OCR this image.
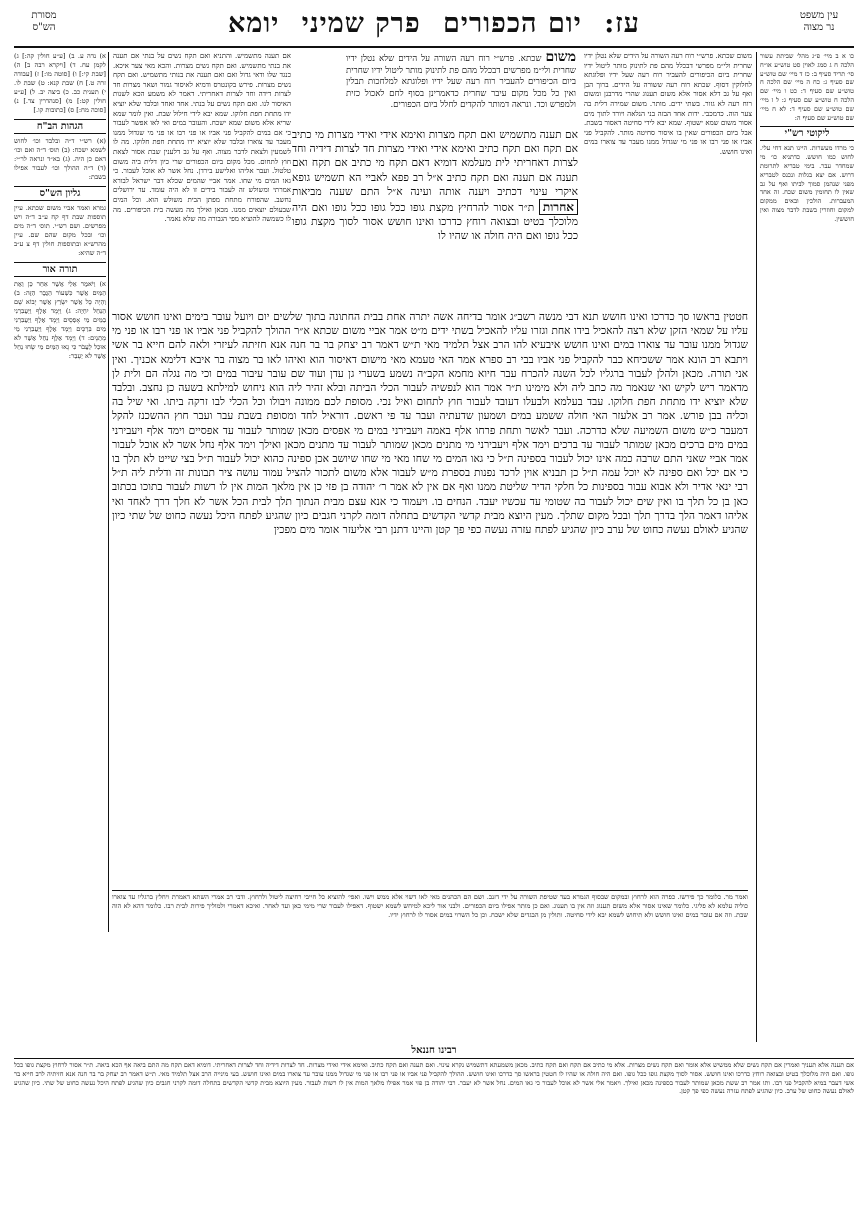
עין משפט
נר מצוה
עז: יום הכפורים פרק שמיני יומא
מסורת
הש"ס

כו א ב מיי׳ פ״ג מהל׳ שביתת עשור הלכה ח ג סמג לאוין סט טוש״ע או״ח סי׳ תריד סעיף ב: כז ד מיי׳ שם טוש״ע שם סעיף ג: כח ה מיי׳ שם הלכה ח טוש״ע שם סעיף ד: כט ו מיי׳ שם הלכה ח טוש״ע שם סעיף ג: ל ז מיי׳ שם טוש״ע שם סעיף ד: לא ח מיי׳ שם טוש״ע שם סעיף ה:

ליקוטי רש"י

כי מרדו מעשרות. היינו תנא דחי עלי. לחוש כמו חושש. כדתניא כו׳ מי שמחדר עבר. בימי טבריא לתרומת דרוש. אם יצא בגלות ונכנס לטבריא מפני שנהמן סמוך לביתו ואף על גב שאין לו תחומין משום שכח. זה אחד המעברות. הולכין ובאים ממקום למקום וחוזרין בשבת לדבר מצוה ואין חוששין.

משום שכתא. פרש״י רוח רעה השורה על הידים שלא נטלן ידיו שחרית ולי״מ מפרשי דבכלל מהם פת לתינוק מותר ליטול ידיו שחרית ביום הכיפורים להעביר רוח רעה שעל ידיו ופלוגתא לחלוקין דסוף. שכתא רוח רעה ששורה על הידים. ברוך הבן ואף על גב דלא אסור אלא משום תענוג שהרי מדרבנן ומשום רוח רעה לא גזור. בשתי ידים. מותר. משום שמירה דלית בה צער הוה. כדמכבי. ידות אחד הבזה בני הנלאה ויורד לתוך מים אסור משום שמא ישטוף. שמא יבא לידי סחיטה דאסור בשבת. אבל ביום הכפורים שאין בו איסור סחיטה מותר. להקביל פני אביו או פני רבו או פני מי שגדול ממנו מעבר עד צוארו במים ואינו חושש.

משום שכתא. פרש״י רוח רעה השורה על הידים שלא נטלן ידיו שחרית ולי״מ מפרשים דבכלל מהם פת לתינוק מותר ליטול ידיו שחרית ביום הכיפורים להעביר רוח רעה שעל ידיו ופלוגתא למלחכות תבלין ואין כל מכל מקום עיבר שחרית כדאמרינן בסוף לחם לאכול כזית ולמפרש וכד. ונראה דמותר להקדים לחלל ביום הכפורים.
אם תענה מתשמיש ואם תקח מצרות ואימא אידי ואידי מצרות מי כתיב אם תקח ואם תקח כתיב ואימא אידי ואידי מצרות חד לצרות דידיה וחד לצרות דאחריתי לית מעלמא דומיא דאם תקח מי כתיב אם תקח ואם תענה אם תענה ואם תקח כתיב א״ל רב פפא לאביי הא תשמיש גופא איקרי עינוי דכתיב ויענה אותה ועינה א״ל התם שענה מביאות אחרות ת״ר אסור להרחיץ מקצת גופו ככל גופו ככל גופו ואם היה מלוכלך בטיט ובצואה רוחץ כדרכו ואינו חושש אסור לסוך מקצת גופו ככל גופו ואם היה חולה או שהיו לו

אם תענה מתשמיש. והתניא ואם תקח נשים על בנתי אם תענה את בנתי מתשמיש. ואם תקח נשים מצרות. והכא מאי צער איכא. כנגד שלו ודאי גדול ואם ואם תענה את בנותי מתשמיש. ואם תקח נשים מצרות. פירש בקונטרס ודמיא לאיסור גמור ושאר מצרות חד לצרות דידה וחד לצרות דאחריתי. דאמר לא משמע הכא לשנות האיסור לנו. ואם תקח נשים על בנתי. אחד ואחד ובלבד שלא יוציא ידו מתחת חפת חלוקו. שמא יבא לידי חילול שבת. ואין לומר שמא שריא אלא משום שמא ישכח. והעובר במים ואי לאו אפשר לעבור כי אם במים להקביל פני אביו או פני רבו או פני מי שגדול ממנו מעבר עד צוארו ובלבד שלא יוציא ידו מתחת חפת חלוקו. מה לו לשמעין ולצאת לדבר מצוה. ואף על גב דלענין שבת אסור לצאת חוץ לתחום. מכל מקום ביום הכפורים שרי כיון דלית ביה משום טלטול. ועבר אליהו ואלישע בירדן. נחל אשר לא אוכל לעבור. כי גאו המים מי שחו. אמר אביי שהמים שכלא דבר ישראל לבורא אמרתי ומשולש זה לעבור בידים זו לא היה עומד. עד ירושלים נחשב. שהפורח מתחת מפתן הבית משולש הוא. וכל המים שבעולם יוצאים ממנו. מכאן ואילך מה מעשה בית הכיפורים. מה לו כשמשה להוציא מפי הגבורה מה שלא נאמר.

חטטין בראשו סך כדרכו ואינו חושש תנא דבי מנשה רשב״ג אומר בדיחה אשה יתרה אחת בבית החתונה בתוך שלשים יום ויועל עובר בימים ואינו חושש אסור עליו על שמאי הזקן שלא רצה להאכיל בידו אחת וגזרו עליו להאכיל בשתי ידים מ״ט אמר אביי משום שכתא א״ר ההולך להקביל פני אביו או פני רבו או פני מי שגדול ממנו עובר עד צוארו במים ואינו חושש איבעיא להו הרב אצל תלמיד מאי ת״ש דאמר רב יצחק בר בר חנה אנא חזיתה לעיזרי ולאה להם חייא בר אשי ויתבא רב הונא אמר ששכיחא כבר להקביל פני אביו בבי רב ספרא אמר האי טעמא מאי מישום דאיסור הוא ואיהו לאו בר מצוה בר איבא דלימא אכניך. ואין אני תורה. מכאן ולהלן לעבור ברגליו לכל השנה להכרח עבר חיוא מחמא הקב״ה נשמע בשערי גן עדן ועוד שם עובר עיבור במים וכי מה נגלה הם ולית לן מדאמר ריש לקיש ואי שנאמר מה כתב ליה ולא מימינו ת״ר אמר הוא לנפשיה לעבור הכלי הביתה ובלא זהיר ליה הוא ניחוש למילתא בשעה כן נחצב. ובלבד שלא יוציא ידו מתחת חפת חלוקו. עבד בעלמא ולבעלו דעובד לעבור חוץ לתחום ואיל נכי. מסופת לכם ממונה ויבולו וכל הכלי לבו זרקה ביתו. ואי שיל בה וכליה בבן פורש. אמר רב אלעזר האי חולה ששמע במים ושמעון שדעתיה ועבר עד פי ראשם. דוראיל לחד ומסופת בשבת עבר ועבר חוץ ההשכנז להקל דמעבר כ״ש משום השמיעה שלא כדרכה. ועבר לאשר ותחת פרחו אלף באמה ויעבירני במים מי אפסים מכאן שמותר לעבור עד אפסיים וימד אלף ויעבירני במים מים ברכים מכאן שמותר לעבור עד ברכים וימד אלף ויעבירני מי מתנים מכאן שמותר לעבור עד מתנים מכאן ואילך וימד אלף נחל אשר לא אוכל לעבור אמר אביי שאני התם שרבה כמה אינו יכול לעבור בספינה ת״ל כי גאו המים מי שחו מאי מי שחו שיושב אכן ספינה כהוא יכול לעבור ת״ל בצי שייט לא תלך בו כי אם יכל ואם ספינה לא יוכל עמה ת״ל כן תבניא אוין לרכד נפנות בספרת מ״ש לעבור אלא משום לתכור להציל עמוד עושה ציר תבונות זה ודלית ליה ת״ל רבי ינאי אדיר ולא אבוא עבור בספינות כל חלקי הדיר שליטת ממנו ואף אם אין לא אמר ר׳ יהודה בן פזי כן אין מלאך המות אין לו רשות לעבור בתוכו בכתוב כאן בן כל תלך בו ואין שים יכול לעבור בה שטומי עד עכשיו יעבד. הנחים בו. ויעמוד כי אנא עצם מבית הנתוך תלך לבית הכל אשר לא חלך דרך לאחד ואי אליהו דאמר הלך בדרך תלך ובכל מקום שתלך. מעין היוצא מבית קדשי הקדשים בתחלה דומה לקרני חגבים כיון שהגיע לפתח היכל נעשה כחוט של שתי כיון שהגיע לאולם נעשה כחוט של ערב כיון שהגיע לפתח עזרה נעשה כפי פך קטן והיינו דתנן רבי אליעזר אומר מים מפכין
ואמר מר. כלומר כך פירשו. כפרה הוא לרחוץ ובמקום שבסוף הגמרא בעד שטיפת השורה על ידי דזנב. ושם הם הכהנים מאי לאו דשוי אלא ממש וישו. ואפי׳ להוציא כל חייבי רחיצה ליטול ולרחוץ. ודבי רב אמרי השתא דאמרת ויחלץ ברגליו עד צוארו כוליה עלמא לא פליגי. כלומר שאינו אסור אלא משום תענוג וזה אין בו תענוג. ואם כן מותר אפילו ביום הכפורים. ולבני אור ליכא למיחש לשמא ישטוף. דאפילו לעבור שרי מימי כאן ועד לאחר. ואיכא דאמרי ולמוליך פירות לבית רבו. כלומר דהא לא הוה שבת. וזה אם עובר במים ואינו חושש ולא תיחוש לשמא יבא לידי סחיטה. ותולין מן הבגדים שלא ישכח. וכן כל השרוי במים אסור לו לרחוץ ידיו.

א) נדה ע. ב) [ע״ע חולין קה:] ג) לקמן עח. ד) [ויקרא רבה ב] ה) [שבת קי:] ו) [סוטה מו:] ז) [עבודה זרה ט.] ח) שבת קנא: ט) שבת לו. י) תענית כב. כ) ביצה יב. ל) [ע״ע חולין קט:] מ) [סנהדרין צד.] נ) [סוכה מח:] ס) [כתובות קו.]

הגהות הב"ח

(א) רש״י ד״ה ובלבד וכו׳ לחוש לשמא ישכח: (ב) תוס׳ ד״ה ואם וכו׳ דאם כן היה. (ג) בא״ד ונראה לר״י: (ד) ד״ה ההולך וכו׳ לעבור אפילו בשבת:

גליון הש"ס

גמרא ואמר אביי משום שכתא. עיין תוספות שבת דף קח ע״ב ד״ה ויש מפרשים. ושם רש״י. תוס׳ ד״ה מים וכו׳ ובכל מקום שהם שם. עיין מהרש״א ובתוספות חולין דף צ ע״ב ד״ה שהיא:

תורה אור

א) וַיֹּאמֶר אֵלַי אֲשֶׁר אַחַר כֵּן וְאֶת הַמַּיִם אֲשֶׁר כִּשְׁעוֹר הַגֶּבֶר הַזֶּה: ב) וְהָיָה כָּל אֲשֶׁר יִשָּׂרֵץ אֲשֶׁר יָבוֹא שָׁם הַנַּחַל יִחְיֶה: ג) וַיָּמָד אֶלֶף וַיַּעֲבִרֵנִי בַמַּיִם מֵי אָפְסָיִם וַיָּמָד אֶלֶף וַיַּעֲבִרֵנִי מַיִם בִּרְכָּיִם וַיָּמָד אֶלֶף וַיַּעֲבִרֵנִי מֵי מָתְנָיִם: ד) וַיָּמָד אֶלֶף נַחַל אֲשֶׁר לֹא אוּכַל לַעֲבֹר כִּי גָאוּ הַמַּיִם מֵי שָׂחוּ נַחַל אֲשֶׁר לֹא יֵעָבֵר:

רבינו חננאל
אם תענה אלא תעניך ואמרין אם תקח נשים שלא ממשיש אלא אומר ואם תקח נשים מצרות. אלא מי כתיב אם תקח ואם תקח כתיב. מכאן משמעתא דתשמיש נקרא עינוי. ואם תענה ואם תקח כתיב. ואימא אידי ואידי מצרות. חד לצרות דידיה וחד לצרות דאחריתי. דומיא דאם תקח מה התם ביאה אף הכא ביאה. ת״ר אסור לרחוץ מקצת גופו ככל גופו. ואם היה מלוכלך בטיט ובצואה רוחץ כדרכו ואינו חושש. אסור לסוך מקצת גופו ככל גופו. ואם היה חולה או שהיו לו חטטין בראשו סך כדרכו ואינו חושש. ההולך להקביל פני אביו או פני רבו או פני מי שגדול ממנו עובר עד צוארו במים ואינו חושש. בעי מינייה הרב אצל תלמיד מאי. ת״ש דאמר רב יצחק בר בר חנה אנא חזיתיה לרב חייא בר אשי דעבר במיא להקביל פני רבו. ותו אמר רב ששת מכאן שמותר לעבור בספינה מכאן ואילך. ויאמר אלי אשר לא אוכל לעבור כי גאו המים. נחל אשר לא יעבר. רבי יהודה בן פזי אמר אפילו מלאך המות אין לו רשות לעבור. מעין היוצא מבית קדשי הקדשים בתחלה דומה לקרני חגבים כיון שהגיע לפתח היכל נעשה כחוט של שתי. כיון שהגיע לאולם נעשה כחוט של ערב. כיון שהגיע לפתח עזרה נעשה כפי פך קטן.
